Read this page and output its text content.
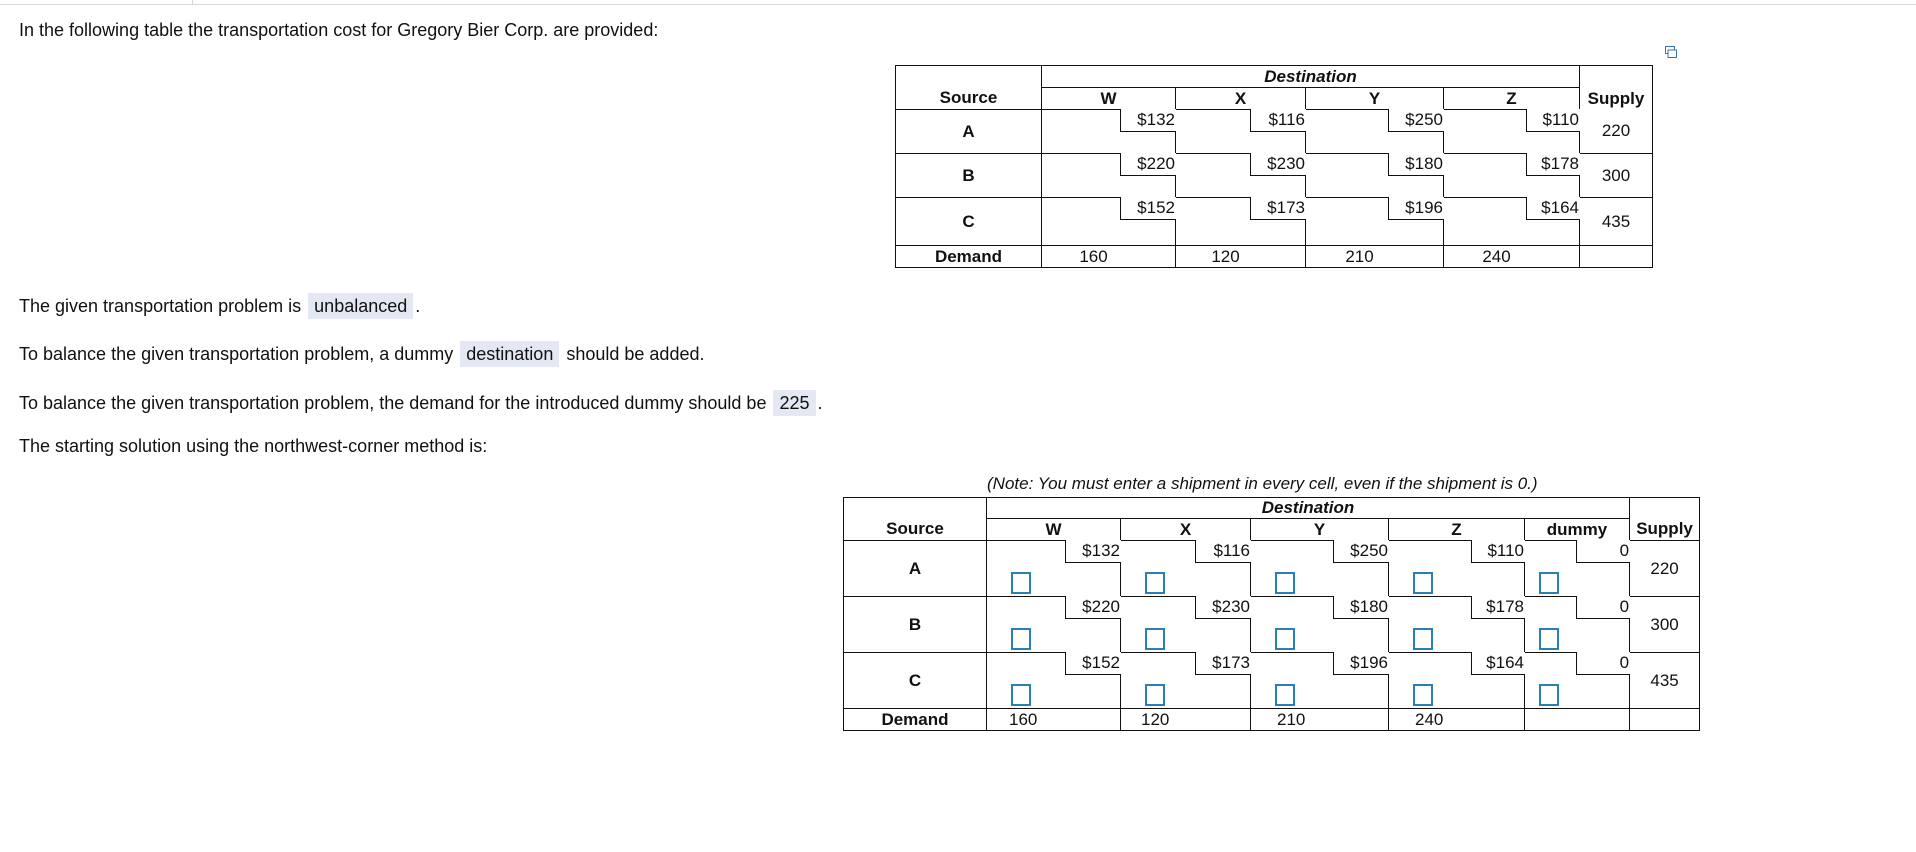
In the following table the transportation cost for Gregory Bier Corp. are provided:
Source	Destination				Supply
	W	X	Y	Z	
A	$132	$116	$250	$110	220
B	$220	$230	$180	$178	300
C	$152	$173	$196	$164	435
Demand	160	120	210	240	
The given transportation problem is unbalanced .
To balance the given transportation problem, a dummy destination should be added.
To balance the given transportation problem, the demand for the introduced dummy should be 225 .
The starting solution using the northwest-corner method is:
(Note: You must enter a shipment in every cell, even if the shipment is 0.)
Source	Destination					Supply
	W	X	Y	Z	dummy	
A	$132	$116	$250	$110	0	220
B	$220	$230	$180	$178	0	300
C	$152	$173	$196	$164	0	435
Demand	160	120	210	240		
